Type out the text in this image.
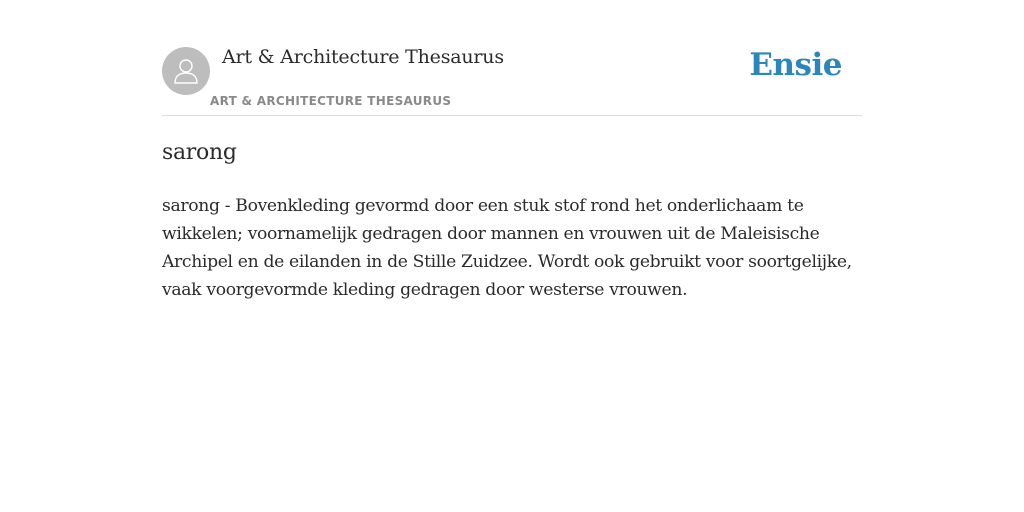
Art & Architecture Thesaurus
ART & ARCHITECTURE THESAURUS
Ensie
sarong

sarong - Bovenkleding gevormd door een stuk stof rond het onderlichaam te wikkelen; voornamelijk gedragen door mannen en vrouwen uit de Maleisische Archipel en de eilanden in de Stille Zuidzee. Wordt ook gebruikt voor soortgelijke, vaak voorgevormde kleding gedragen door westerse vrouwen.
